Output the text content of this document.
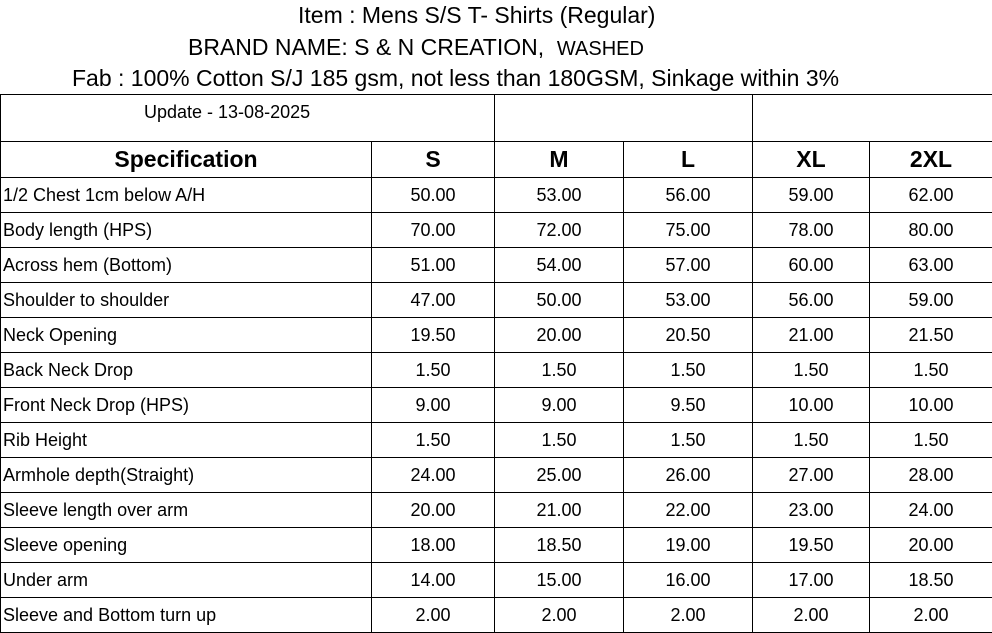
Item : Mens S/S T- Shirts (Regular)
BRAND NAME: S & N CREATION, WASHED
Fab : 100% Cotton S/J 185 gsm, not less than 180GSM, Sinkage within 3%
Update - 13-08-2025					
Specification	S	M	L	XL	2XL
1/2 Chest 1cm below A/H	50.00	53.00	56.00	59.00	62.00
Body length (HPS)	70.00	72.00	75.00	78.00	80.00
Across hem (Bottom)	51.00	54.00	57.00	60.00	63.00
Shoulder to shoulder	47.00	50.00	53.00	56.00	59.00
Neck Opening	19.50	20.00	20.50	21.00	21.50
Back Neck Drop	1.50	1.50	1.50	1.50	1.50
Front Neck Drop (HPS)	9.00	9.00	9.50	10.00	10.00
Rib Height	1.50	1.50	1.50	1.50	1.50
Armhole depth(Straight)	24.00	25.00	26.00	27.00	28.00
Sleeve length over arm	20.00	21.00	22.00	23.00	24.00
Sleeve opening	18.00	18.50	19.00	19.50	20.00
Under arm	14.00	15.00	16.00	17.00	18.50
Sleeve and Bottom turn up	2.00	2.00	2.00	2.00	2.00
